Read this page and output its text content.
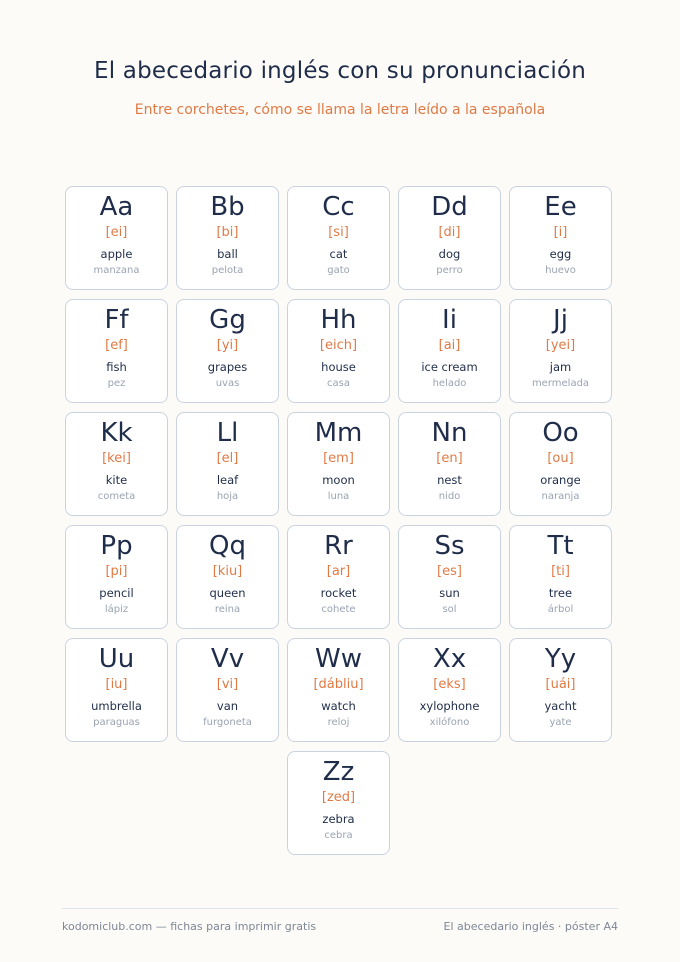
El abecedario inglés con su pronunciación
Entre corchetes, cómo se llama la letra leído a la española
Aa
[ei]
apple
manzana
Bb
[bi]
ball
pelota
Cc
[si]
cat
gato
Dd
[di]
dog
perro
Ee
[i]
egg
huevo
Ff
[ef]
fish
pez
Gg
[yi]
grapes
uvas
Hh
[eich]
house
casa
Ii
[ai]
ice cream
helado
Jj
[yei]
jam
mermelada
Kk
[kei]
kite
cometa
Ll
[el]
leaf
hoja
Mm
[em]
moon
luna
Nn
[en]
nest
nido
Oo
[ou]
orange
naranja
Pp
[pi]
pencil
lápiz
Qq
[kiu]
queen
reina
Rr
[ar]
rocket
cohete
Ss
[es]
sun
sol
Tt
[ti]
tree
árbol
Uu
[iu]
umbrella
paraguas
Vv
[vi]
van
furgoneta
Ww
[dábliu]
watch
reloj
Xx
[eks]
xylophone
xilófono
Yy
[uái]
yacht
yate
Zz
[zed]
zebra
cebra
kodomiclub.com — fichas para imprimir gratis	El abecedario inglés · póster A4
